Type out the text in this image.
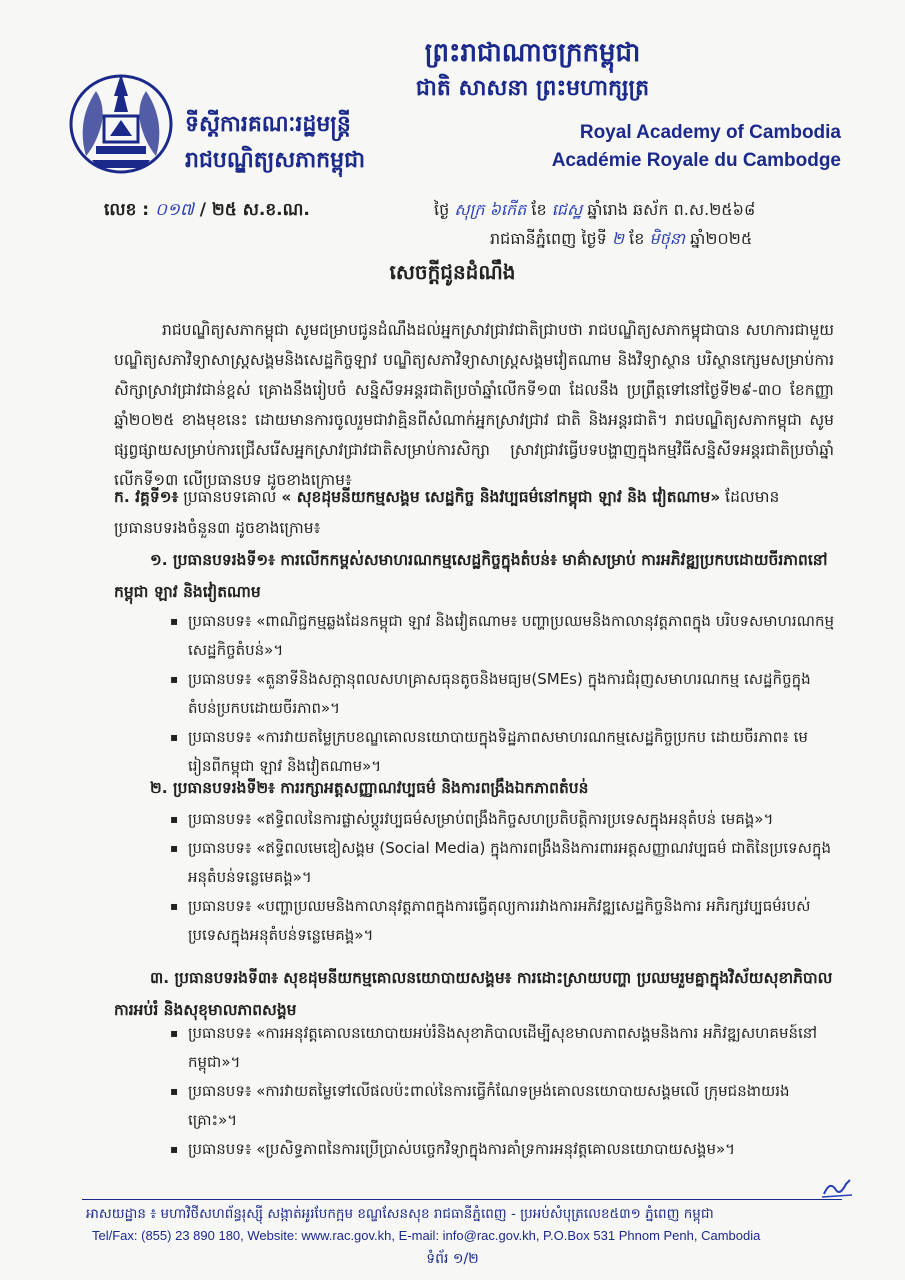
ព្រះរាជាណាចក្រកម្ពុជា
ជាតិ សាសនា ព្រះមហាក្សត្រ
ទីស្តីការគណៈរដ្ឋមន្ត្រី
រាជបណ្ឌិត្យសភាកម្ពុជា
Royal Academy of Cambodia
Académie Royale du Cambodge
លេខ : ០១៧ / ២៥ ស.ខ.ណ.	ថ្ងៃ សុក្រ ៦កើត ខែ ជេស្ឋ ឆ្នាំរោង ឆស័ក ព.ស.២៥៦៨
រាជធានីភ្នំពេញ ថ្ងៃទី ២ ខែ មិថុនា ឆ្នាំ២០២៥
សេចក្តីជូនដំណឹង
រាជបណ្ឌិត្យសភាកម្ពុជា សូមជម្រាបជូនដំណឹងដល់អ្នកស្រាវជ្រាវជាតិជ្រាបថា រាជបណ្ឌិត្យសភាកម្ពុជាបាន សហការជាមួយបណ្ឌិត្យសភាវិទ្យាសាស្ត្រសង្គមនិងសេដ្ឋកិច្ចឡាវ បណ្ឌិត្យសភាវិទ្យាសាស្ត្រសង្គមវៀតណាម និងវិទ្យាស្ថាន បរិស្ថានក្សេមសម្រាប់ការសិក្សាស្រាវជ្រាវជាន់ខ្ពស់ គ្រោងនឹងរៀបចំ សន្និសីទអន្តរជាតិប្រចាំឆ្នាំលើកទី១៣ ដែលនឹង ប្រព្រឹត្តទៅនៅថ្ងៃទី២៩-៣០ ខែកញ្ញា ឆ្នាំ២០២៥ ខាងមុខនេះ ដោយមានការចូលរួមជាវាគ្មិនពីសំណាក់អ្នកស្រាវជ្រាវ ជាតិ និងអន្តរជាតិ។ រាជបណ្ឌិត្យសភាកម្ពុជា សូមផ្សព្វផ្សាយសម្រាប់ការជ្រើសរើសអ្នកស្រាវជ្រាវជាតិសម្រាប់ការសិក្សា ស្រាវជ្រាវធ្វើបទបង្ហាញក្នុងកម្មវិធីសន្និសីទអន្តរជាតិប្រចាំឆ្នាំលើកទី១៣ លើប្រធានបទ ដូចខាងក្រោម៖
ក. វគ្គទី១៖ ប្រធានបទគោល « សុខដុមនីយកម្មសង្គម សេដ្ឋកិច្ច និងវប្បធម៌នៅកម្ពុជា ឡាវ និង វៀតណាម» ដែលមានប្រធានបទរងចំនួន៣ ដូចខាងក្រោម៖
១. ប្រធានបទរងទី១៖ ការលើកកម្ពស់សមាហរណកម្មសេដ្ឋកិច្ចក្នុងតំបន់៖ មាគ៌ាសម្រាប់ ការអភិវឌ្ឍប្រកបដោយចីរភាពនៅកម្ពុជា ឡាវ និងវៀតណាម
▪ ប្រធានបទ៖ «ពាណិជ្ជកម្មឆ្លងដែនកម្ពុជា ឡាវ និងវៀតណាម៖ បញ្ហាប្រឈមនិងកាលានុវត្តភាពក្នុង បរិបទសមាហរណកម្មសេដ្ឋកិច្ចតំបន់»។
▪ ប្រធានបទ៖ «តួនាទីនិងសក្តានុពលសហគ្រាសធុនតូចនិងមធ្យម(SMEs) ក្នុងការជំរុញសមាហរណកម្ម សេដ្ឋកិច្ចក្នុងតំបន់ប្រកបដោយចីរភាព»។
▪ ប្រធានបទ៖ «ការវាយតម្លៃក្របខណ្ឌគោលនយោបាយក្នុងទិដ្ឋភាពសមាហរណកម្មសេដ្ឋកិច្ចប្រកប ដោយចីរភាព៖ មេរៀនពីកម្ពុជា ឡាវ និងវៀតណាម»។
២. ប្រធានបទរងទី២៖ ការរក្សាអត្តសញ្ញាណវប្បធម៌ និងការពង្រឹងឯកភាពតំបន់
▪ ប្រធានបទ៖ «ឥទ្ធិពលនៃការផ្លាស់ប្តូរវប្បធម៌សម្រាប់ពង្រឹងកិច្ចសហប្រតិបត្តិការប្រទេសក្នុងអនុតំបន់ មេគង្គ»។
▪ ប្រធានបទ៖ «ឥទ្ធិពលមេឌៀសង្គម (Social Media) ក្នុងការពង្រឹងនិងការពារអត្តសញ្ញាណវប្បធម៌ ជាតិនៃប្រទេសក្នុងអនុតំបន់ទន្លេមេគង្គ»។
▪ ប្រធានបទ៖ «បញ្ហាប្រឈមនិងកាលានុវត្តភាពក្នុងការធ្វើតុល្យការរវាងការអភិវឌ្ឍសេដ្ឋកិច្ចនិងការ អភិរក្សវប្បធម៌របស់ប្រទេសក្នុងអនុតំបន់ទន្លេមេគង្គ»។
៣. ប្រធានបទរងទី៣៖ សុខដុមនីយកម្មគោលនយោបាយសង្គម៖ ការដោះស្រាយបញ្ហា ប្រឈមរួមគ្នាក្នុងវិស័យសុខាភិបាល ការអប់រំ និងសុខុមាលភាពសង្គម
▪ ប្រធានបទ៖ «ការអនុវត្តគោលនយោបាយអប់រំនិងសុខាភិបាលដើម្បីសុខមាលភាពសង្គមនិងការ អភិវឌ្ឍសហគមន៍នៅកម្ពុជា»។
▪ ប្រធានបទ៖ «ការវាយតម្លៃទៅលើផលប៉ះពាល់នៃការធ្វើកំណែទម្រង់គោលនយោបាយសង្គមលើ ក្រុមជនងាយរងគ្រោះ»។
▪ ប្រធានបទ៖ «ប្រសិទ្ធភាពនៃការប្រើប្រាស់បច្ចេកវិទ្យាក្នុងការគាំទ្រការអនុវត្តគោលនយោបាយសង្គម»។
អាសយដ្ឋាន ៖ មហាវិថីសហព័ន្ធរុស្ស៊ី សង្កាត់អូរបែកក្អម ខណ្ឌសែនសុខ រាជធានីភ្នំពេញ - ប្រអប់សំបុត្រលេខ៥៣១ ភ្នំពេញ កម្ពុជា
Tel/Fax: (855) 23 890 180, Website: www.rac.gov.kh, E-mail: info@rac.gov.kh, P.O.Box 531 Phnom Penh, Cambodia
ទំព័រ ១/២
